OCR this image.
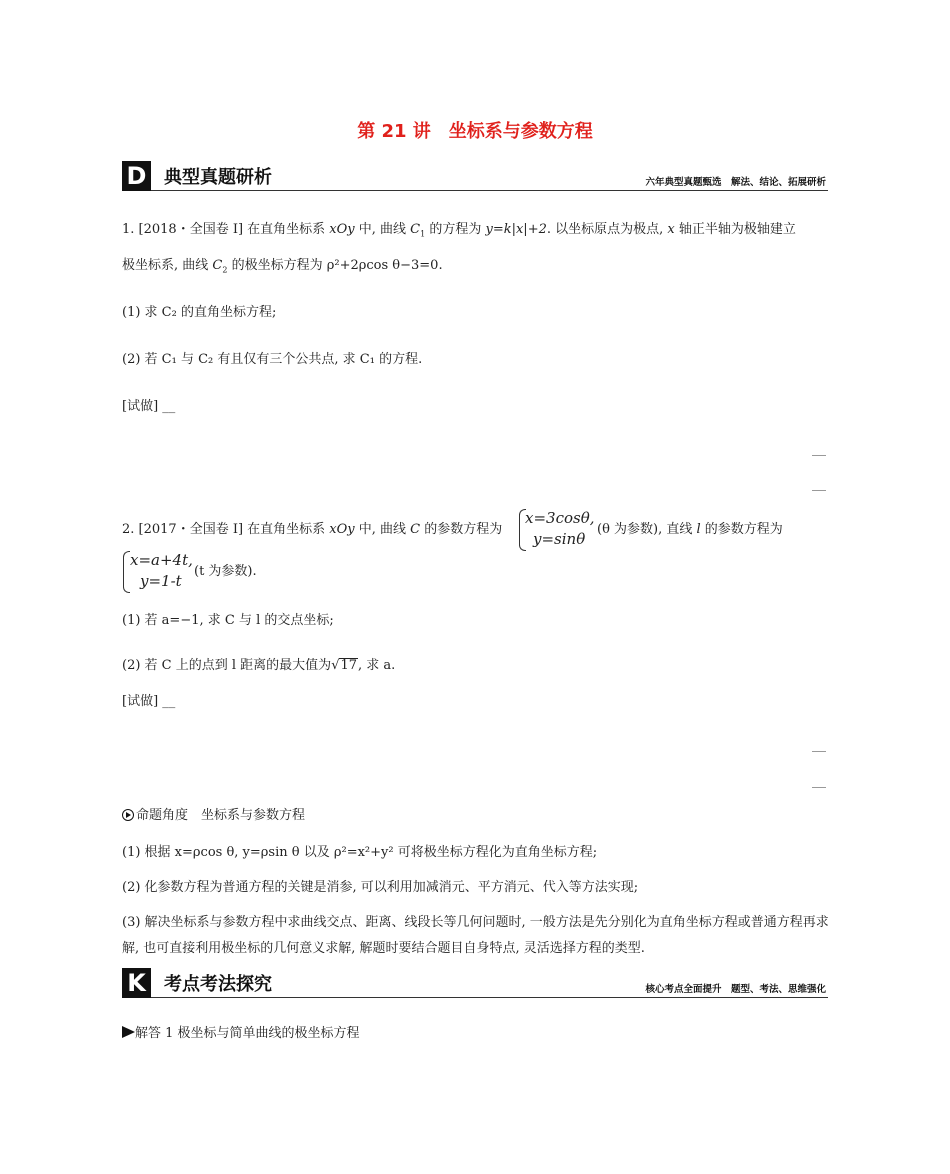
第 21 讲　坐标系与参数方程
D 典型真题研析	六年典型真题甄选　解法、结论、拓展研析
1. [2018・全国卷 Ⅰ] 在直角坐标系 xOy 中, 曲线 $C_1$ 的方程为 y=k|x|+2. 以坐标原点为极点, x 轴正半轴为极轴建立
极坐标系, 曲线 $C_2$ 的极坐标方程为 ρ²+2ρcos θ−3=0.
(1) 求 C₂ 的直角坐标方程;
(2) 若 C₁ 与 C₂ 有且仅有三个公共点, 求 C₁ 的方程.
[试做] __
2. [2017・全国卷 Ⅰ] 在直角坐标系 xOy 中, 曲线 C 的参数方程为
x=3cosθ,
y=sinθ
(θ 为参数), 直线 l 的参数方程为
x=a+4t,
y=1-t
(t 为参数).
(1) 若 a=−1, 求 C 与 l 的交点坐标;
(2) 若 C 上的点到 l 距离的最大值为√17, 求 a.
[试做] __
命题角度　坐标系与参数方程
(1) 根据 x=ρcos θ, y=ρsin θ 以及 ρ²=x²+y² 可将极坐标方程化为直角坐标方程;
(2) 化参数方程为普通方程的关键是消参, 可以利用加减消元、平方消元、代入等方法实现;
(3) 解决坐标系与参数方程中求曲线交点、距离、线段长等几何问题时, 一般方法是先分别化为直角坐标方程或普通方程再求解, 也可直接利用极坐标的几何意义求解, 解题时要结合题目自身特点, 灵活选择方程的类型.
K 考点考法探究	核心考点全面提升　题型、考法、思维强化
解答 1 极坐标与简单曲线的极坐标方程
